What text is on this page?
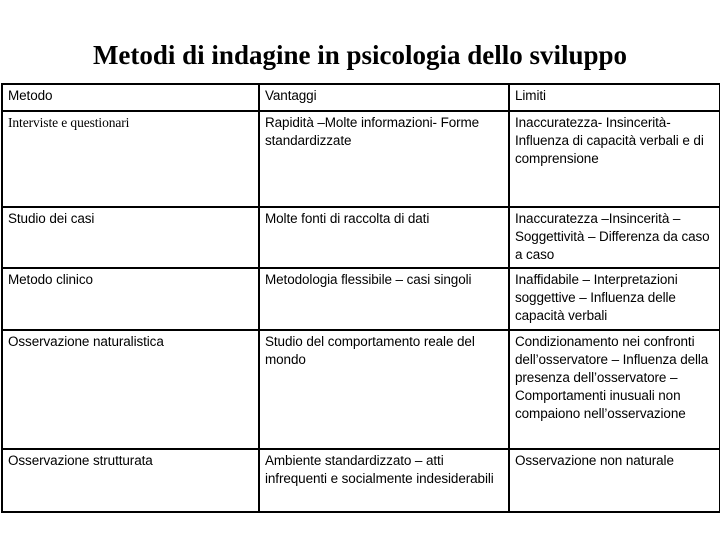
Metodi di indagine in psicologia dello sviluppo
Metodo	Vantaggi	Limiti
Interviste e questionari	Rapidità –Molte informazioni- Forme standardizzate	Inaccuratezza- Insincerità- Influenza di capacità verbali e di comprensione
Studio dei casi	Molte fonti di raccolta di dati	Inaccuratezza –Insincerità – Soggettività – Differenza da caso a caso
Metodo clinico	Metodologia flessibile – casi singoli	Inaffidabile – Interpretazioni soggettive – Influenza delle capacità verbali
Osservazione naturalistica	Studio del comportamento reale del mondo	Condizionamento nei confronti dell’osservatore – Influenza della presenza dell’osservatore – Comportamenti inusuali non compaiono nell’osservazione
Osservazione strutturata	Ambiente standardizzato – atti infrequenti e socialmente indesiderabili	Osservazione non naturale
